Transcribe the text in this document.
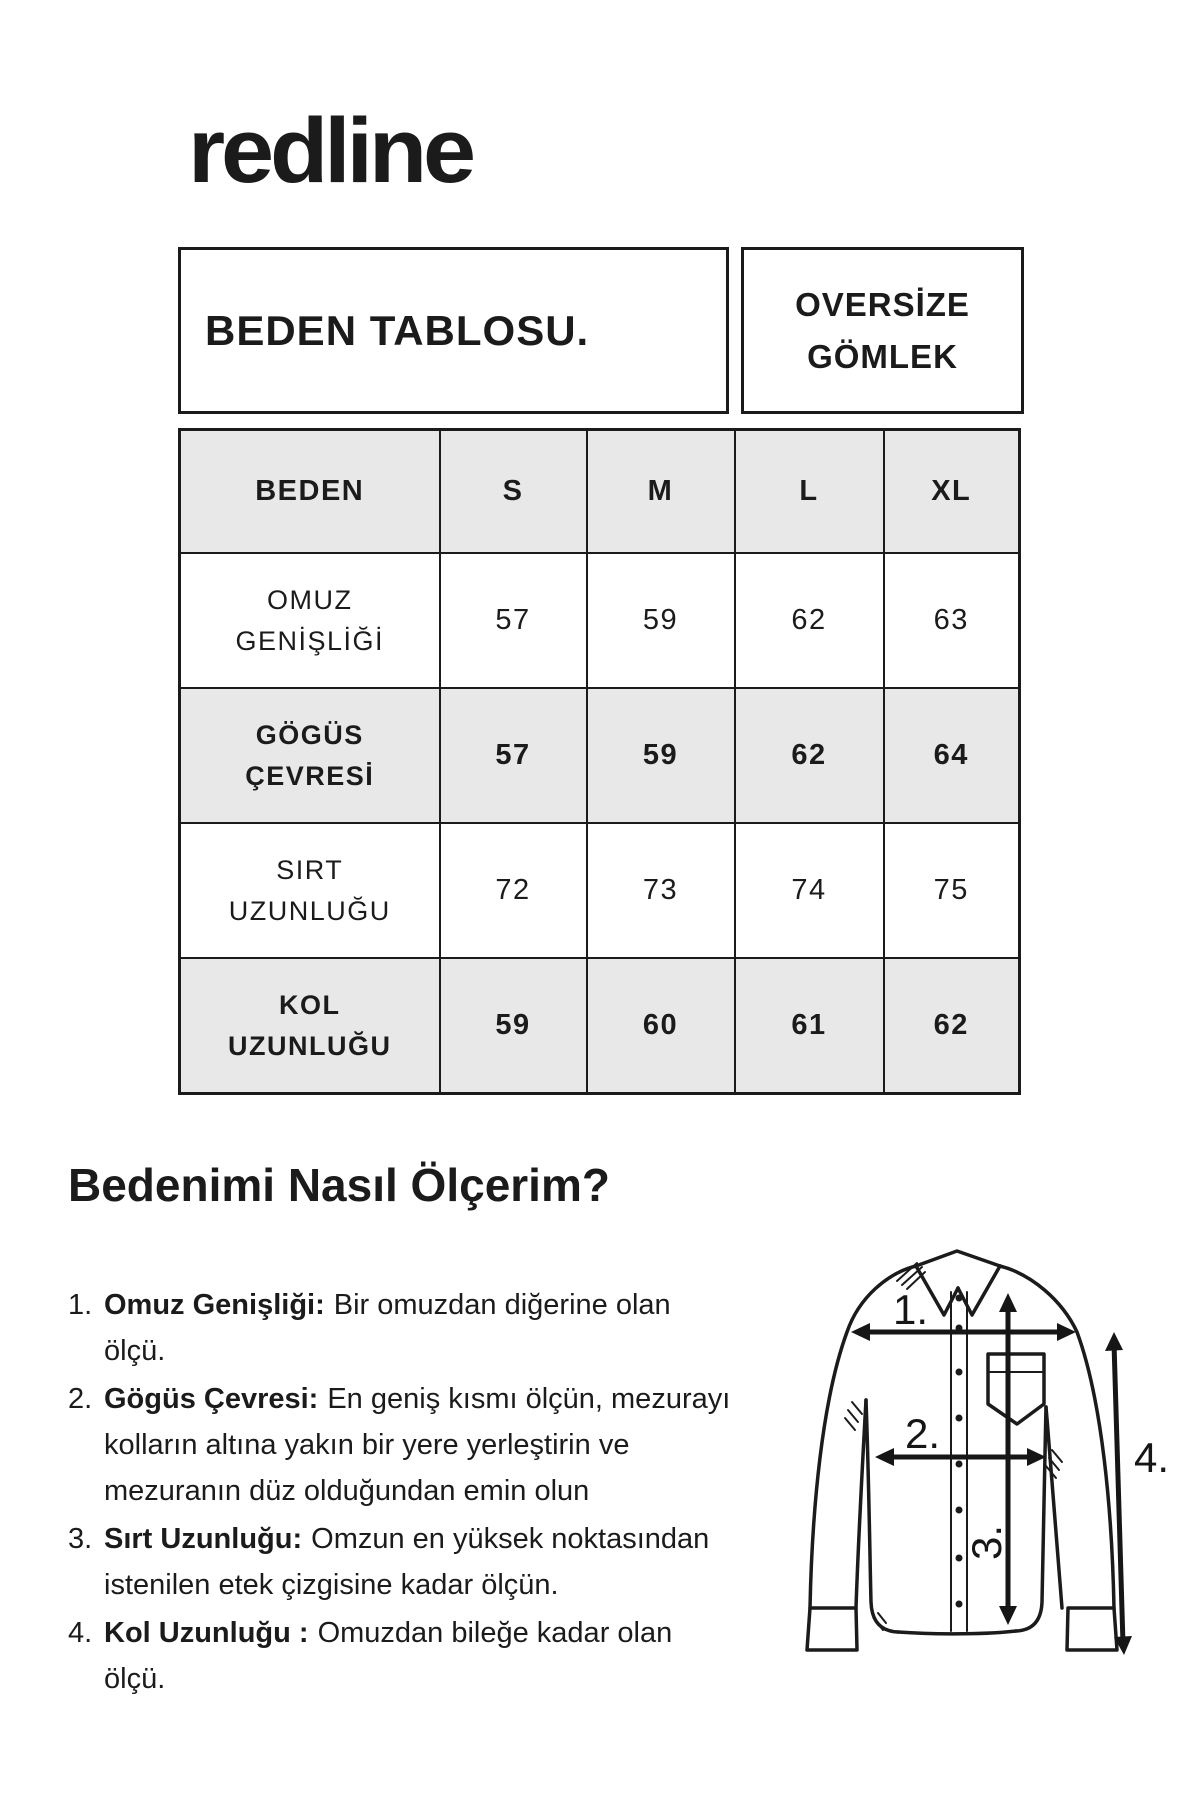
redline
BEDEN TABLOSU.
OVERSİZE GÖMLEK
BEDEN	S	M	L	XL
OMUZ GENİŞLİĞİ	57	59	62	63
GÖGÜS ÇEVRESİ	57	59	62	64
SIRT UZUNLUĞU	72	73	74	75
KOL UZUNLUĞU	59	60	61	62
Bedenimi Nasıl Ölçerim?
1. Omuz Genişliği: Bir omuzdan diğerine olan
ölçü.
2. Gögüs Çevresi: En geniş kısmı ölçün, mezurayı
kolların altına yakın bir yere yerleştirin ve
mezuranın düz olduğundan emin olun
3. Sırt Uzunluğu: Omzun en yüksek noktasından
istenilen etek çizgisine kadar ölçün.
4. Kol Uzunluğu : Omuzdan bileğe kadar olan
ölçü.
1.
2.
3.
4.
